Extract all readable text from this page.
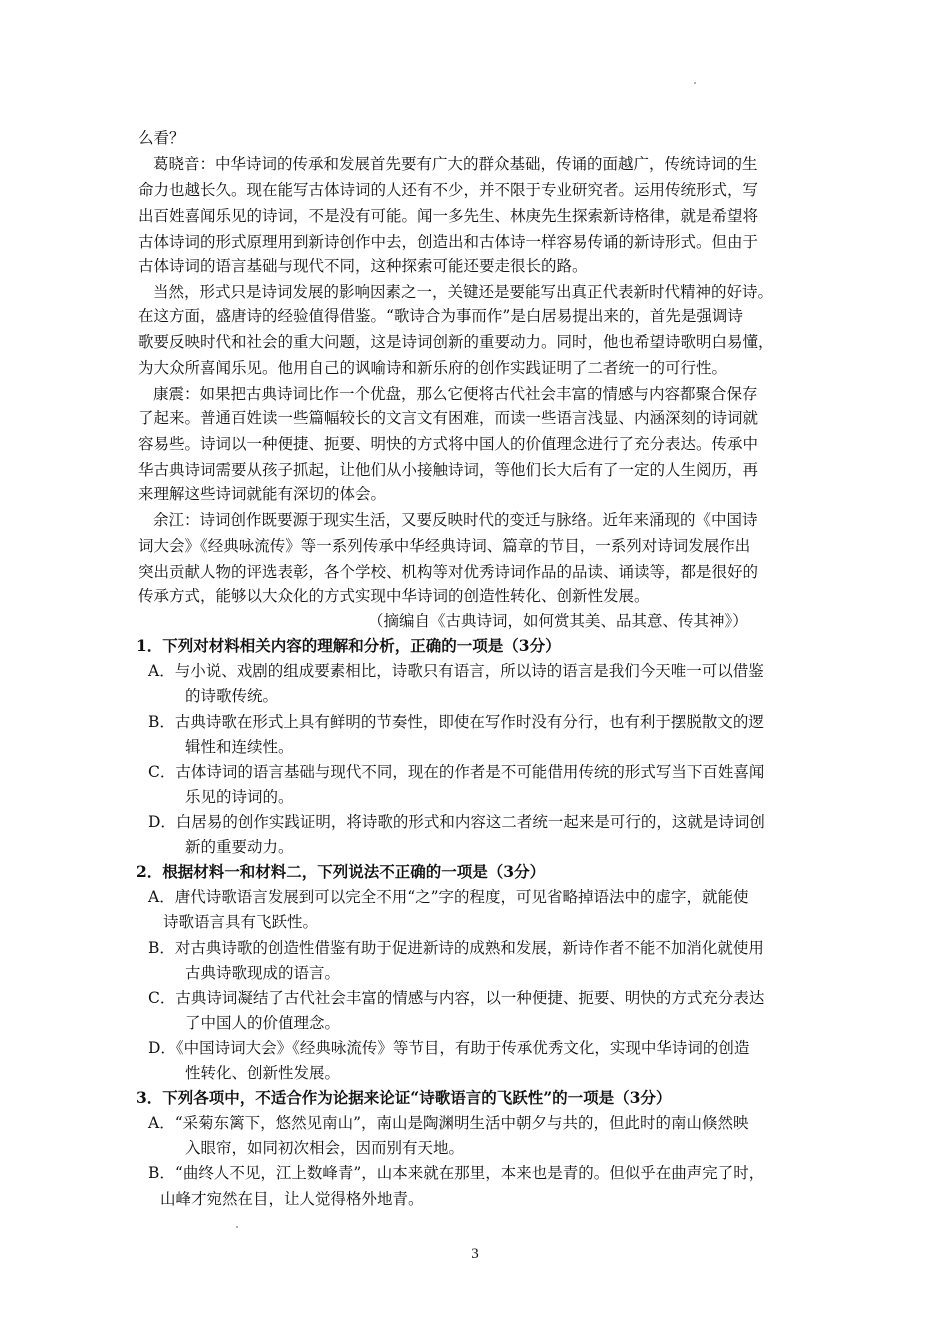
么看？
葛晓音：中华诗词的传承和发展首先要有广大的群众基础，传诵的面越广，传统诗词的生
命力也越长久。现在能写古体诗词的人还有不少，并不限于专业研究者。运用传统形式，写
出百姓喜闻乐见的诗词，不是没有可能。闻一多先生、林庚先生探索新诗格律，就是希望将
古体诗词的形式原理用到新诗创作中去，创造出和古体诗一样容易传诵的新诗形式。但由于
古体诗词的语言基础与现代不同，这种探索可能还要走很长的路。
当然，形式只是诗词发展的影响因素之一，关键还是要能写出真正代表新时代精神的好诗。
在这方面，盛唐诗的经验值得借鉴。“歌诗合为事而作”是白居易提出来的，首先是强调诗
歌要反映时代和社会的重大问题，这是诗词创新的重要动力。同时，他也希望诗歌明白易懂，
为大众所喜闻乐见。他用自己的讽喻诗和新乐府的创作实践证明了二者统一的可行性。
康震：如果把古典诗词比作一个优盘，那么它便将古代社会丰富的情感与内容都聚合保存
了起来。普通百姓读一些篇幅较长的文言文有困难，而读一些语言浅显、内涵深刻的诗词就
容易些。诗词以一种便捷、扼要、明快的方式将中国人的价值理念进行了充分表达。传承中
华古典诗词需要从孩子抓起，让他们从小接触诗词，等他们长大后有了一定的人生阅历，再
来理解这些诗词就能有深切的体会。
余江：诗词创作既要源于现实生活，又要反映时代的变迁与脉络。近年来涌现的《中国诗
词大会》《经典咏流传》等一系列传承中华经典诗词、篇章的节目，一系列对诗词发展作出
突出贡献人物的评选表彰，各个学校、机构等对优秀诗词作品的品读、诵读等，都是很好的
传承方式，能够以大众化的方式实现中华诗词的创造性转化、创新性发展。
（摘编自《古典诗词，如何赏其美、品其意、传其神》）
1．下列对材料相关内容的理解和分析，正确的一项是（3分）
A．与小说、戏剧的组成要素相比，诗歌只有语言，所以诗的语言是我们今天唯一可以借鉴
的诗歌传统。
B．古典诗歌在形式上具有鲜明的节奏性，即使在写作时没有分行，也有利于摆脱散文的逻
辑性和连续性。
C．古体诗词的语言基础与现代不同，现在的作者是不可能借用传统的形式写当下百姓喜闻
乐见的诗词的。
D．白居易的创作实践证明，将诗歌的形式和内容这二者统一起来是可行的，这就是诗词创
新的重要动力。
2．根据材料一和材料二，下列说法不正确的一项是（3分）
A．唐代诗歌语言发展到可以完全不用“之”字的程度，可见省略掉语法中的虚字，就能使
诗歌语言具有飞跃性。
B．对古典诗歌的创造性借鉴有助于促进新诗的成熟和发展，新诗作者不能不加消化就使用
古典诗歌现成的语言。
C．古典诗词凝结了古代社会丰富的情感与内容，以一种便捷、扼要、明快的方式充分表达
了中国人的价值理念。
D．《中国诗词大会》《经典咏流传》等节目，有助于传承优秀文化，实现中华诗词的创造
性转化、创新性发展。
3．下列各项中，不适合作为论据来论证“诗歌语言的飞跃性”的一项是（3分）
A．“采菊东篱下，悠然见南山”，南山是陶渊明生活中朝夕与共的，但此时的南山倏然映
入眼帘，如同初次相会，因而别有天地。
B．“曲终人不见，江上数峰青”，山本来就在那里，本来也是青的。但似乎在曲声完了时，
山峰才宛然在目，让人觉得格外地青。
3
